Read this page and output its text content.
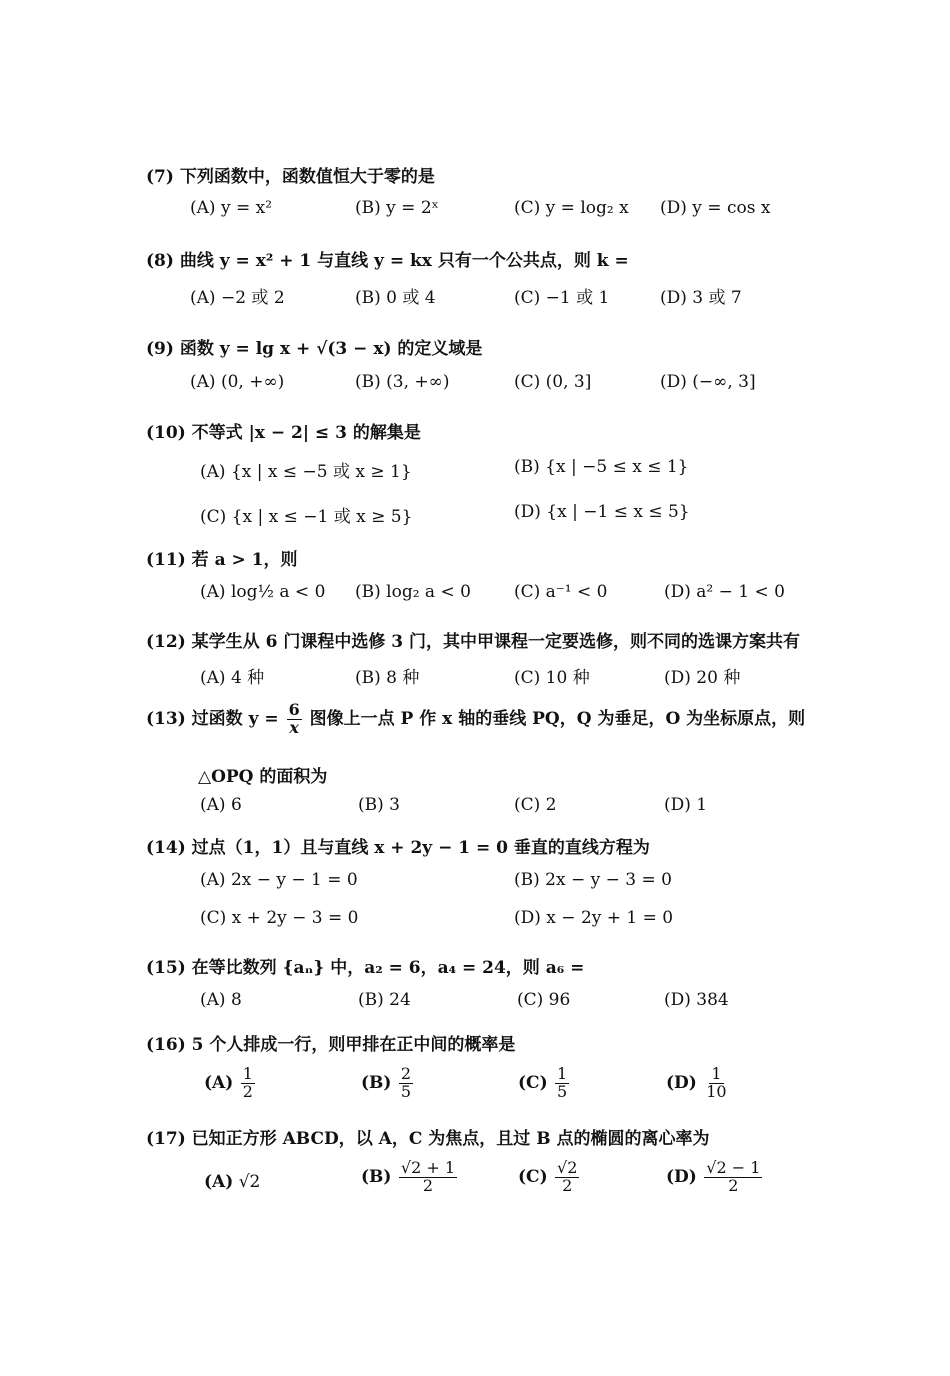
(7) 下列函数中，函数值恒大于零的是
(A) y = x²	(B) y = 2ˣ	(C) y = log₂ x (D) y = cos x
(8) 曲线 y = x² + 1 与直线 y = kx 只有一个公共点，则 k =
(A) −2 或 2	(B) 0 或 4	(C) −1 或 1	(D) 3 或 7
(9) 函数 y = lg x + √(3 − x) 的定义域是
(A) (0, +∞)	(B) (3, +∞)	(C) (0, 3]	(D) (−∞, 3]
(10) 不等式 |x − 2| ≤ 3 的解集是
(A) {x | x ≤ −5 或 x ≥ 1}	(B) {x | −5 ≤ x ≤ 1}
(C) {x | x ≤ −1 或 x ≥ 5}	(D) {x | −1 ≤ x ≤ 5}
(11) 若 a > 1，则
(A) log½ a < 0 (B) log₂ a < 0	(C) a⁻¹ < 0	(D) a² − 1 < 0
(12) 某学生从 6 门课程中选修 3 门，其中甲课程一定要选修，则不同的选课方案共有
(A) 4 种	(B) 8 种	(C) 10 种	(D) 20 种
(13) 过函数 $y = \frac{6}{x}$ 图像上一点 P 作 x 轴的垂线 PQ，Q 为垂足，O 为坐标原点，则
△OPQ 的面积为
(A) 6	(B) 3	(C) 2	(D) 1
(14) 过点（1，1）且与直线 x + 2y − 1 = 0 垂直的直线方程为
(A) 2x − y − 1 = 0	(B) 2x − y − 3 = 0
(C) x + 2y − 3 = 0	(D) x − 2y + 1 = 0
(15) 在等比数列 {aₙ} 中，a₂ = 6，a₄ = 24，则 a₆ =
(A) 8	(B) 24	(C) 96	(D) 384
(16) 5 个人排成一行，则甲排在正中间的概率是
$(A) \frac{1}{2}$	$(B) \frac{2}{5}$	$(C) \frac{1}{5}$	$(D) \frac{1}{10}$
(17) 已知正方形 ABCD，以 A，C 为焦点，且过 B 点的椭圆的离心率为
(A) √2	$(B) \frac{√2 + 1}{2}$	$(C) \frac{√2}{2}$	$(D) \frac{√2 - 1}{2}$
